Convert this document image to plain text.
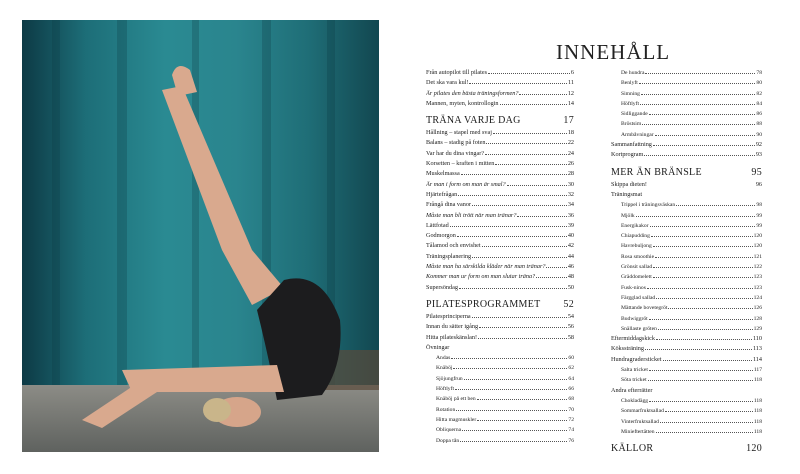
INNEHÅLL
Från autopilot till pilates	6
Det ska vara kul!	11
Är pilates den bästa träningsformen?	12
Mannen, myten, kontrollogin	14
TRÄNA VARJE DAG	17
Hållning – stapel med svaj	18
Balans – stadig på foten	22
Var har du dina vingar?	24
Korsetten – kraften i mitten	26
Muskelmassa	28
Är man i form om man är smal?	30
Hjärtefrågan	32
Frångå dina vanor	34
Måste man bli trött när man tränar?	36
Lättfotad	39
Godmorgon	40
Tålamod och envishet	42
Träningsplanering	44
Måste man ha särskilda kläder när man tränar?	46
Kommer man ur form om man slutar träna?	48
Supersöndag	50
PILATESPROGRAMMET 52
Pilatesprinciperna	54
Innan du sätter igång	56
Hitta pilateskänslan!	58
Övningar
Andas	60
Knäböj	62
Sjöjungfrun	64
Höftlyft	66
Knäböj på ett ben	68
Rotation	70
Hitta magmuskler	72
Obliquerna	74
Doppa tån	76
De hundra	78
Benlyft	80
Simning	82
Höftlyft	84
Sidliggande	86
Bröstsim	88
Armbåvningar	90
Sammanfattning	92
Kortprogram	93
MER ÄN BRÄNSLE	95
Skippa dieten!	96
Träningsmat
Trippel i träningsväskan	98
Mjölk	99
Energikakor	99
Chiapudding	120
Havrebuljong	120
Rosa smoothie	121
Grönsit sallad	122
Gräddomelett	123
Fusk-ninos	123
Färgglad sallad	124
Mättande bovetegröt	126
Budwiggröt	128
Snällaste gröten	129
Eftermiddagskick	110
Kökssträning	113
Hundragradersticket	114
Salta tricket	117
Söta tricket	118
Andra efterrätter
Chokladägg	118
Sommarfruktsallad	118
Vinterfruktsallad	118
Minieftertätten	118
KÄLLOR	120
